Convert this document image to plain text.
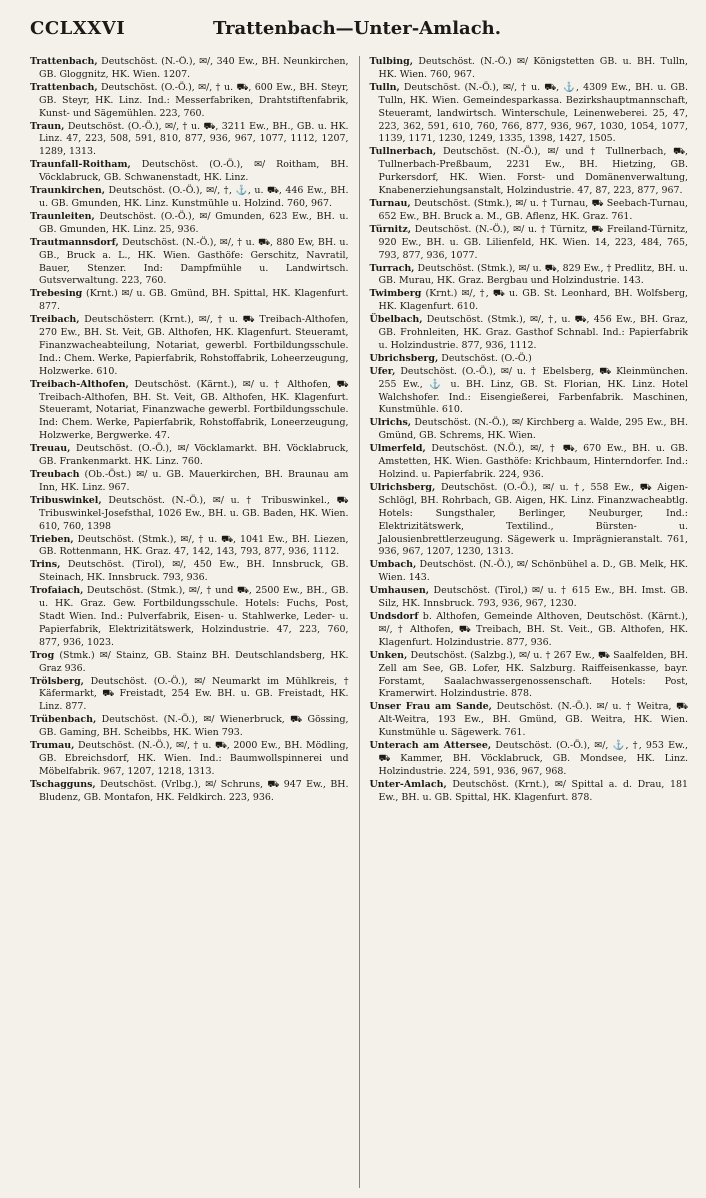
CCLXXVI	Trattenbach—Unter-Amlach.

Trattenbach, Deutschöst. (N.-Ö.), ✉/, 340 Ew., BH. Neunkirchen, GB. Gloggnitz, HK. Wien. 1207.

Trattenbach, Deutschöst. (O.-Ö.), ✉/, † u. ⛟, 600 Ew., BH. Steyr, GB. Steyr, HK. Linz. Ind.: Messerfabriken, Drahtstiftenfabrik, Kunst- und Sägemühlen. 223, 760.

Traun, Deutschöst. (O.-Ö.), ✉/, † u. ⛟, 3211 Ew., BH., GB. u. HK. Linz. 47, 223, 508, 591, 810, 877, 936, 967, 1077, 1112, 1207, 1289, 1313.

Traunfall-Roitham, Deutschöst. (O.-Ö.), ✉/ Roitham, BH. Vöcklabruck, GB. Schwanenstadt, HK. Linz.

Traunkirchen, Deutschöst. (O.-Ö.), ✉/, †, ⚓, u. ⛟, 446 Ew., BH. u. GB. Gmunden, HK. Linz. Kunstmühle u. Holzind. 760, 967.

Traunleiten, Deutschöst. (O.-Ö.), ✉/ Gmunden, 623 Ew., BH. u. GB. Gmunden, HK. Linz. 25, 936.

Trautmannsdorf, Deutschöst. (N.-Ö.), ✉/, † u. ⛟, 880 Ew, BH. u. GB., Bruck a. L., HK. Wien. Gasthöfe: Gerschitz, Navratil, Bauer, Stenzer. Ind: Dampfmühle u. Landwirtsch. Gutsverwaltung. 223, 760.

Trebesing (Krnt.) ✉/ u. GB. Gmünd, BH. Spittal, HK. Klagenfurt. 877.

Treibach, Deutschösterr. (Krnt.), ✉/, † u. ⛟ Treibach-Althofen, 270 Ew., BH. St. Veit, GB. Althofen, HK. Klagenfurt. Steueramt, Finanzwacheabteilung, Notariat, gewerbl. Fortbildungsschule. Ind.: Chem. Werke, Papierfabrik, Rohstoffabrik, Loheerzeugung, Holzwerke. 610.

Treibach-Althofen, Deutschöst. (Kärnt.), ✉/ u. † Althofen, ⛟ Treibach-Althofen, BH. St. Veit, GB. Althofen, HK. Klagenfurt. Steueramt, Notariat, Finanzwache gewerbl. Fortbildungsschule. Ind: Chem. Werke, Papierfabrik, Rohstoffabrik, Loneerzeugung, Holzwerke, Bergwerke. 47.

Treuau, Deutschöst. (O.-Ö.), ✉/ Vöcklamarkt. BH. Vöcklabruck, GB. Frankenmarkt. HK. Linz. 760.

Treubach (Ob.-Öst.) ✉/ u. GB. Mauerkirchen, BH. Braunau am Inn, HK. Linz. 967.

Tribuswinkel, Deutschöst. (N.-Ö.), ✉/ u. † Tribuswinkel., ⛟ Tribuswinkel-Josefsthal, 1026 Ew., BH. u. GB. Baden, HK. Wien. 610, 760, 1398

Trieben, Deutschöst. (Stmk.), ✉/, † u. ⛟, 1041 Ew., BH. Liezen, GB. Rottenmann, HK. Graz. 47, 142, 143, 793, 877, 936, 1112.

Trins, Deutschöst. (Tirol), ✉/, 450 Ew., BH. Innsbruck, GB. Steinach, HK. Innsbruck. 793, 936.

Trofaiach, Deutschöst. (Stmk.), ✉/, † und ⛟, 2500 Ew., BH., GB. u. HK. Graz. Gew. Fortbildungsschule. Hotels: Fuchs, Post, Stadt Wien. Ind.: Pulverfabrik, Eisen- u. Stahlwerke, Leder- u. Papierfabrik, Elektrizitätswerk, Holzindustrie. 47, 223, 760, 877, 936, 1023.

Trog (Stmk.) ✉/ Stainz, GB. Stainz BH. Deutschlandsberg, HK. Graz 936.

Trölsberg, Deutschöst. (O.-Ö.), ✉/ Neumarkt im Mühlkreis, † Käfermarkt, ⛟ Freistadt, 254 Ew. BH. u. GB. Freistadt, HK. Linz. 877.

Trübenbach, Deutschöst. (N.-Ö.), ✉/ Wienerbruck, ⛟ Gössing, GB. Gaming, BH. Scheibbs, HK. Wien 793.

Trumau, Deutschöst. (N.-Ö.), ✉/, † u. ⛟, 2000 Ew., BH. Mödling, GB. Ebreichsdorf, HK. Wien. Ind.: Baumwollspinnerei und Möbelfabrik. 967, 1207, 1218, 1313.

Tschagguns, Deutschöst. (Vrlbg.), ✉/ Schruns, ⛟ 947 Ew., BH. Bludenz, GB. Montafon, HK. Feldkirch. 223, 936.

Tulbing, Deutschöst. (N.-Ö.) ✉/ Königstetten GB. u. BH. Tulln, HK. Wien. 760, 967.

Tulln, Deutschöst. (N.-Ö.), ✉/, † u. ⛟, ⚓, 4309 Ew., BH. u. GB. Tulln, HK. Wien. Gemeindesparkassa. Bezirkshauptmannschaft, Steueramt, landwirtsch. Winterschule, Leinenweberei. 25, 47, 223, 362, 591, 610, 760, 766, 877, 936, 967, 1030, 1054, 1077, 1139, 1171, 1230, 1249, 1335, 1398, 1427, 1505.

Tullnerbach, Deutschöst. (N.-Ö.), ✉/ und † Tullnerbach, ⛟, Tullnerbach-Preßbaum, 2231 Ew., BH. Hietzing, GB. Purkersdorf, HK. Wien. Forst- und Domänenverwaltung, Knabenerziehungsanstalt, Holzindustrie. 47, 87, 223, 877, 967.

Turnau, Deutschöst. (Stmk.), ✉/ u. † Turnau, ⛟ Seebach-Turnau, 652 Ew., BH. Bruck a. M., GB. Aflenz, HK. Graz. 761.

Türnitz, Deutschöst. (N.-Ö.), ✉/ u. † Türnitz, ⛟ Freiland-Türnitz, 920 Ew., BH. u. GB. Lilienfeld, HK. Wien. 14, 223, 484, 765, 793, 877, 936, 1077.

Turrach, Deutschöst. (Stmk.), ✉/ u. ⛟, 829 Ew., † Predlitz, BH. u. GB. Murau, HK. Graz. Bergbau und Holzindustrie. 143.

Twimberg (Krnt.) ✉/, †, ⛟ u. GB. St. Leonhard, BH. Wolfsberg, HK. Klagenfurt. 610.

Übelbach, Deutschöst. (Stmk.), ✉/, †, u. ⛟, 456 Ew., BH. Graz, GB. Frohnleiten, HK. Graz. Gasthof Schnabl. Ind.: Papierfabrik u. Holzindustrie. 877, 936, 1112.

Ubrichsberg, Deutschöst. (O.-Ö.)

Ufer, Deutschöst. (O.-Ö.), ✉/ u. † Ebelsberg, ⛟ Kleinmünchen. 255 Ew., ⚓ u. BH. Linz, GB. St. Florian, HK. Linz. Hotel Walchshofer. Ind.: Eisengießerei, Farbenfabrik. Maschinen, Kunstmühle. 610.

Ulrichs, Deutschöst. (N.-Ö.), ✉/ Kirchberg a. Walde, 295 Ew., BH. Gmünd, GB. Schrems, HK. Wien.

Ulmerfeld, Deutschöst. (N.Ö.), ✉/, † ⛟, 670 Ew., BH. u. GB. Amstetten, HK. Wien. Gasthöfe: Krichbaum, Hinterndorfer. Ind.: Holzind. u. Papierfabrik. 224, 936.

Ulrichsberg, Deutschöst. (O.-Ö.), ✉/ u. †, 558 Ew., ⛟ Aigen-Schlögl, BH. Rohrbach, GB. Aigen, HK. Linz. Finanzwacheabtlg. Hotels: Sungsthaler, Berlinger, Neuburger, Ind.: Elektrizitätswerk, Textilind., Bürsten- u. Jalousienbrettlerzeugung. Sägewerk u. Imprägnieranstalt. 761, 936, 967, 1207, 1230, 1313.

Umbach, Deutschöst. (N.-Ö.), ✉/ Schönbühel a. D., GB. Melk, HK. Wien. 143.

Umhausen, Deutschöst. (Tirol,) ✉/ u. † 615 Ew., BH. Imst. GB. Silz, HK. Innsbruck. 793, 936, 967, 1230.

Undsdorf b. Althofen, Gemeinde Althoven, Deutschöst. (Kärnt.), ✉/, † Althofen, ⛟ Treibach, BH. St. Veit., GB. Althofen, HK. Klagenfurt. Holzindustrie. 877, 936.

Unken, Deutschöst. (Salzbg.), ✉/ u. † 267 Ew., ⛟ Saalfelden, BH. Zell am See, GB. Lofer, HK. Salzburg. Raiffeisenkasse, bayr. Forstamt, Saalachwassergenossenschaft. Hotels: Post, Kramerwirt. Holzindustrie. 878.

Unser Frau am Sande, Deutschöst. (N.-Ö.). ✉/ u. † Weitra, ⛟ Alt-Weitra, 193 Ew., BH. Gmünd, GB. Weitra, HK. Wien. Kunstmühle u. Sägewerk. 761.

Unterach am Attersee, Deutschöst. (O.-Ö.), ✉/, ⚓, †, 953 Ew., ⛟ Kammer, BH. Vöcklabruck, GB. Mondsee, HK. Linz. Holzindustrie. 224, 591, 936, 967, 968.

Unter-Amlach, Deutschöst. (Krnt.), ✉/ Spittal a. d. Drau, 181 Ew., BH. u. GB. Spittal, HK. Klagenfurt. 878.
